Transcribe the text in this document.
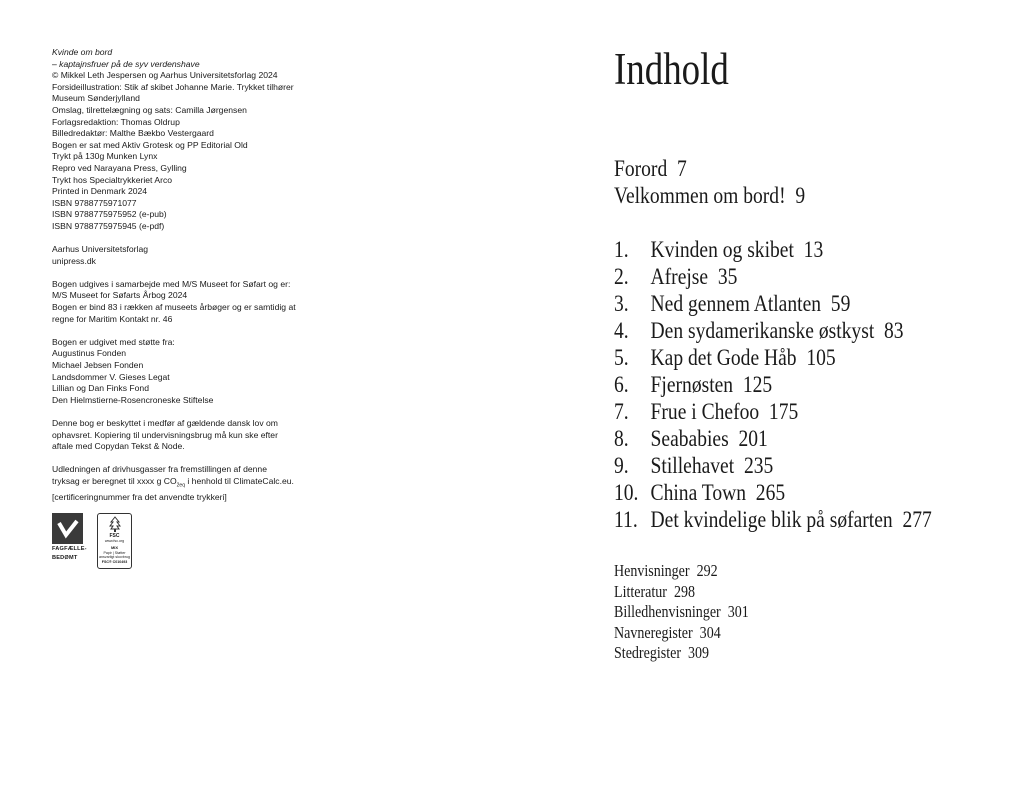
Kvinde om bord

– kaptajnsfruer på de syv verdenshave

© Mikkel Leth Jespersen og Aarhus Universitetsforlag 2024

Forsideillustration: Stik af skibet Johanne Marie. Trykket tilhører

Museum Sønderjylland

Omslag, tilrettelægning og sats: Camilla Jørgensen

Forlagsredaktion: Thomas Oldrup

Billedredaktør: Malthe Bækbo Vestergaard

Bogen er sat med Aktiv Grotesk og PP Editorial Old

Trykt på 130g Munken Lynx

Repro ved Narayana Press, Gylling

Trykt hos Specialtrykkeriet Arco

Printed in Denmark 2024

ISBN 9788775971077

ISBN 9788775975952 (e-pub)

ISBN 9788775975945 (e-pdf)

Aarhus Universitetsforlag

unipress.dk

Bogen udgives i samarbejde med M/S Museet for Søfart og er:

M/S Museet for Søfarts Årbog 2024

Bogen er bind 83 i rækken af museets årbøger og er samtidig at

regne for Maritim Kontakt nr. 46

Bogen er udgivet med støtte fra:

Augustinus Fonden

Michael Jebsen Fonden

Landsdommer V. Gieses Legat

Lillian og Dan Finks Fond

Den Hielmstierne-Rosencroneske Stiftelse

Denne bog er beskyttet i medfør af gældende dansk lov om

ophavsret. Kopiering til undervisningsbrug må kun ske efter

aftale med Copydan Tekst & Node.

Udledningen af drivhusgasser fra fremstillingen af denne

tryksag er beregnet til xxxx g $CO_{2eq}$ i henhold til ClimateCalc.eu.

[certificeringnummer fra det anvendte trykkeri]

FAGFÆLLE-
BEDØMT
FSC
www.fsc.org
MIX
Papir | Støtter ansvarligt skovbrug
FSC® C010493
Indhold
Forord 7
Velkommen om bord! 9
1. Kvinden og skibet 13
2. Afrejse 35
3. Ned gennem Atlanten 59
4. Den sydamerikanske østkyst 83
5. Kap det Gode Håb 105
6. Fjernøsten 125
7. Frue i Chefoo 175
8. Seababies 201
9. Stillehavet 235
10. China Town 265
11. Det kvindelige blik på søfarten 277
Henvisninger 292
Litteratur 298
Billedhenvisninger 301
Navneregister 304
Stedregister 309
